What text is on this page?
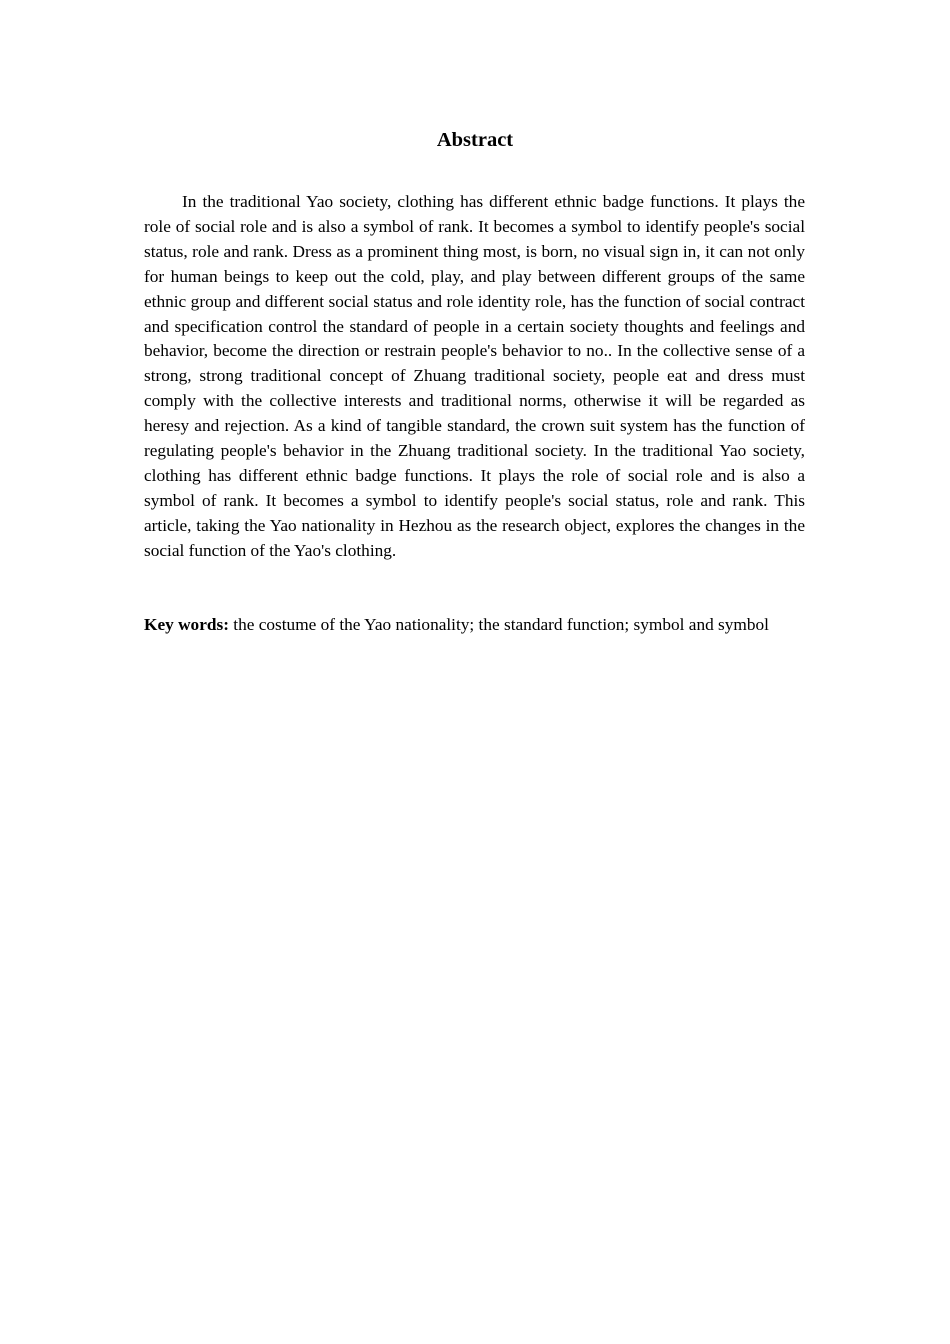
Abstract

In the traditional Yao society, clothing has different ethnic badge functions. It plays the role of social role and is also a symbol of rank. It becomes a symbol to identify people's social status, role and rank. Dress as a prominent thing most, is born, no visual sign in, it can not only for human beings to keep out the cold, play, and play between different groups of the same ethnic group and different social status and role identity role, has the function of social contract and specification control the standard of people in a certain society thoughts and feelings and behavior, become the direction or restrain people's behavior to no.. In the collective sense of a strong, strong traditional concept of Zhuang traditional society, people eat and dress must comply with the collective interests and traditional norms, otherwise it will be regarded as heresy and rejection. As a kind of tangible standard, the crown suit system has the function of regulating people's behavior in the Zhuang traditional society. In the traditional Yao society, clothing has different ethnic badge functions. It plays the role of social role and is also a symbol of rank. It becomes a symbol to identify people's social status, role and rank. This article, taking the Yao nationality in Hezhou as the research object, explores the changes in the social function of the Yao's clothing.

Key words: the costume of the Yao nationality; the standard function; symbol and symbol
